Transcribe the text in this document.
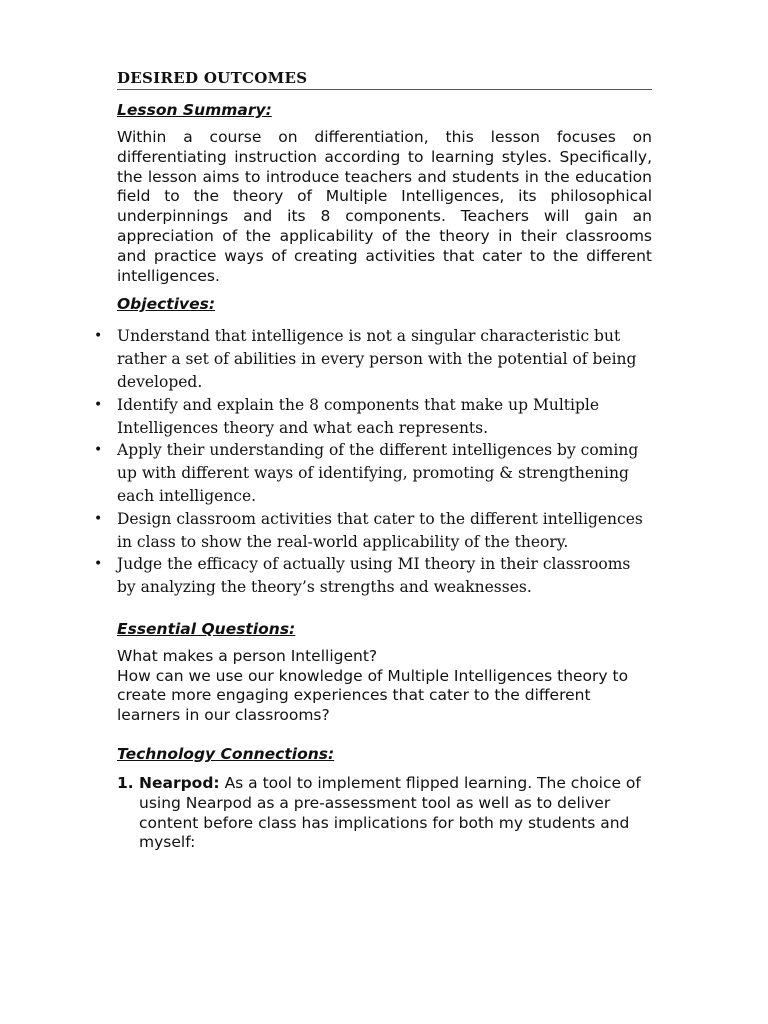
DESIRED OUTCOMES
Lesson Summary:

Within a course on differentiation, this lesson focuses on differentiating instruction according to learning styles. Specifically, the lesson aims to introduce teachers and students in the education field to the theory of Multiple Intelligences, its philosophical underpinnings and its 8 components. Teachers will gain an appreciation of the applicability of the theory in their classrooms and practice ways of creating activities that cater to the different intelligences.

Objectives:
• Understand that intelligence is not a singular characteristic but rather a set of abilities in every person with the potential of being developed.
• Identify and explain the 8 components that make up Multiple Intelligences theory and what each represents.
• Apply their understanding of the different intelligences by coming up with different ways of identifying, promoting & strengthening each intelligence.
• Design classroom activities that cater to the different intelligences in class to show the real-world applicability of the theory.
• Judge the efficacy of actually using MI theory in their classrooms by analyzing the theory’s strengths and weaknesses.
Essential Questions:
What makes a person Intelligent?
How can we use our knowledge of Multiple Intelligences theory to create more engaging experiences that cater to the different learners in our classrooms?
Technology Connections:
1. Nearpod: As a tool to implement flipped learning. The choice of using Nearpod as a pre-assessment tool as well as to deliver content before class has implications for both my students and myself:
